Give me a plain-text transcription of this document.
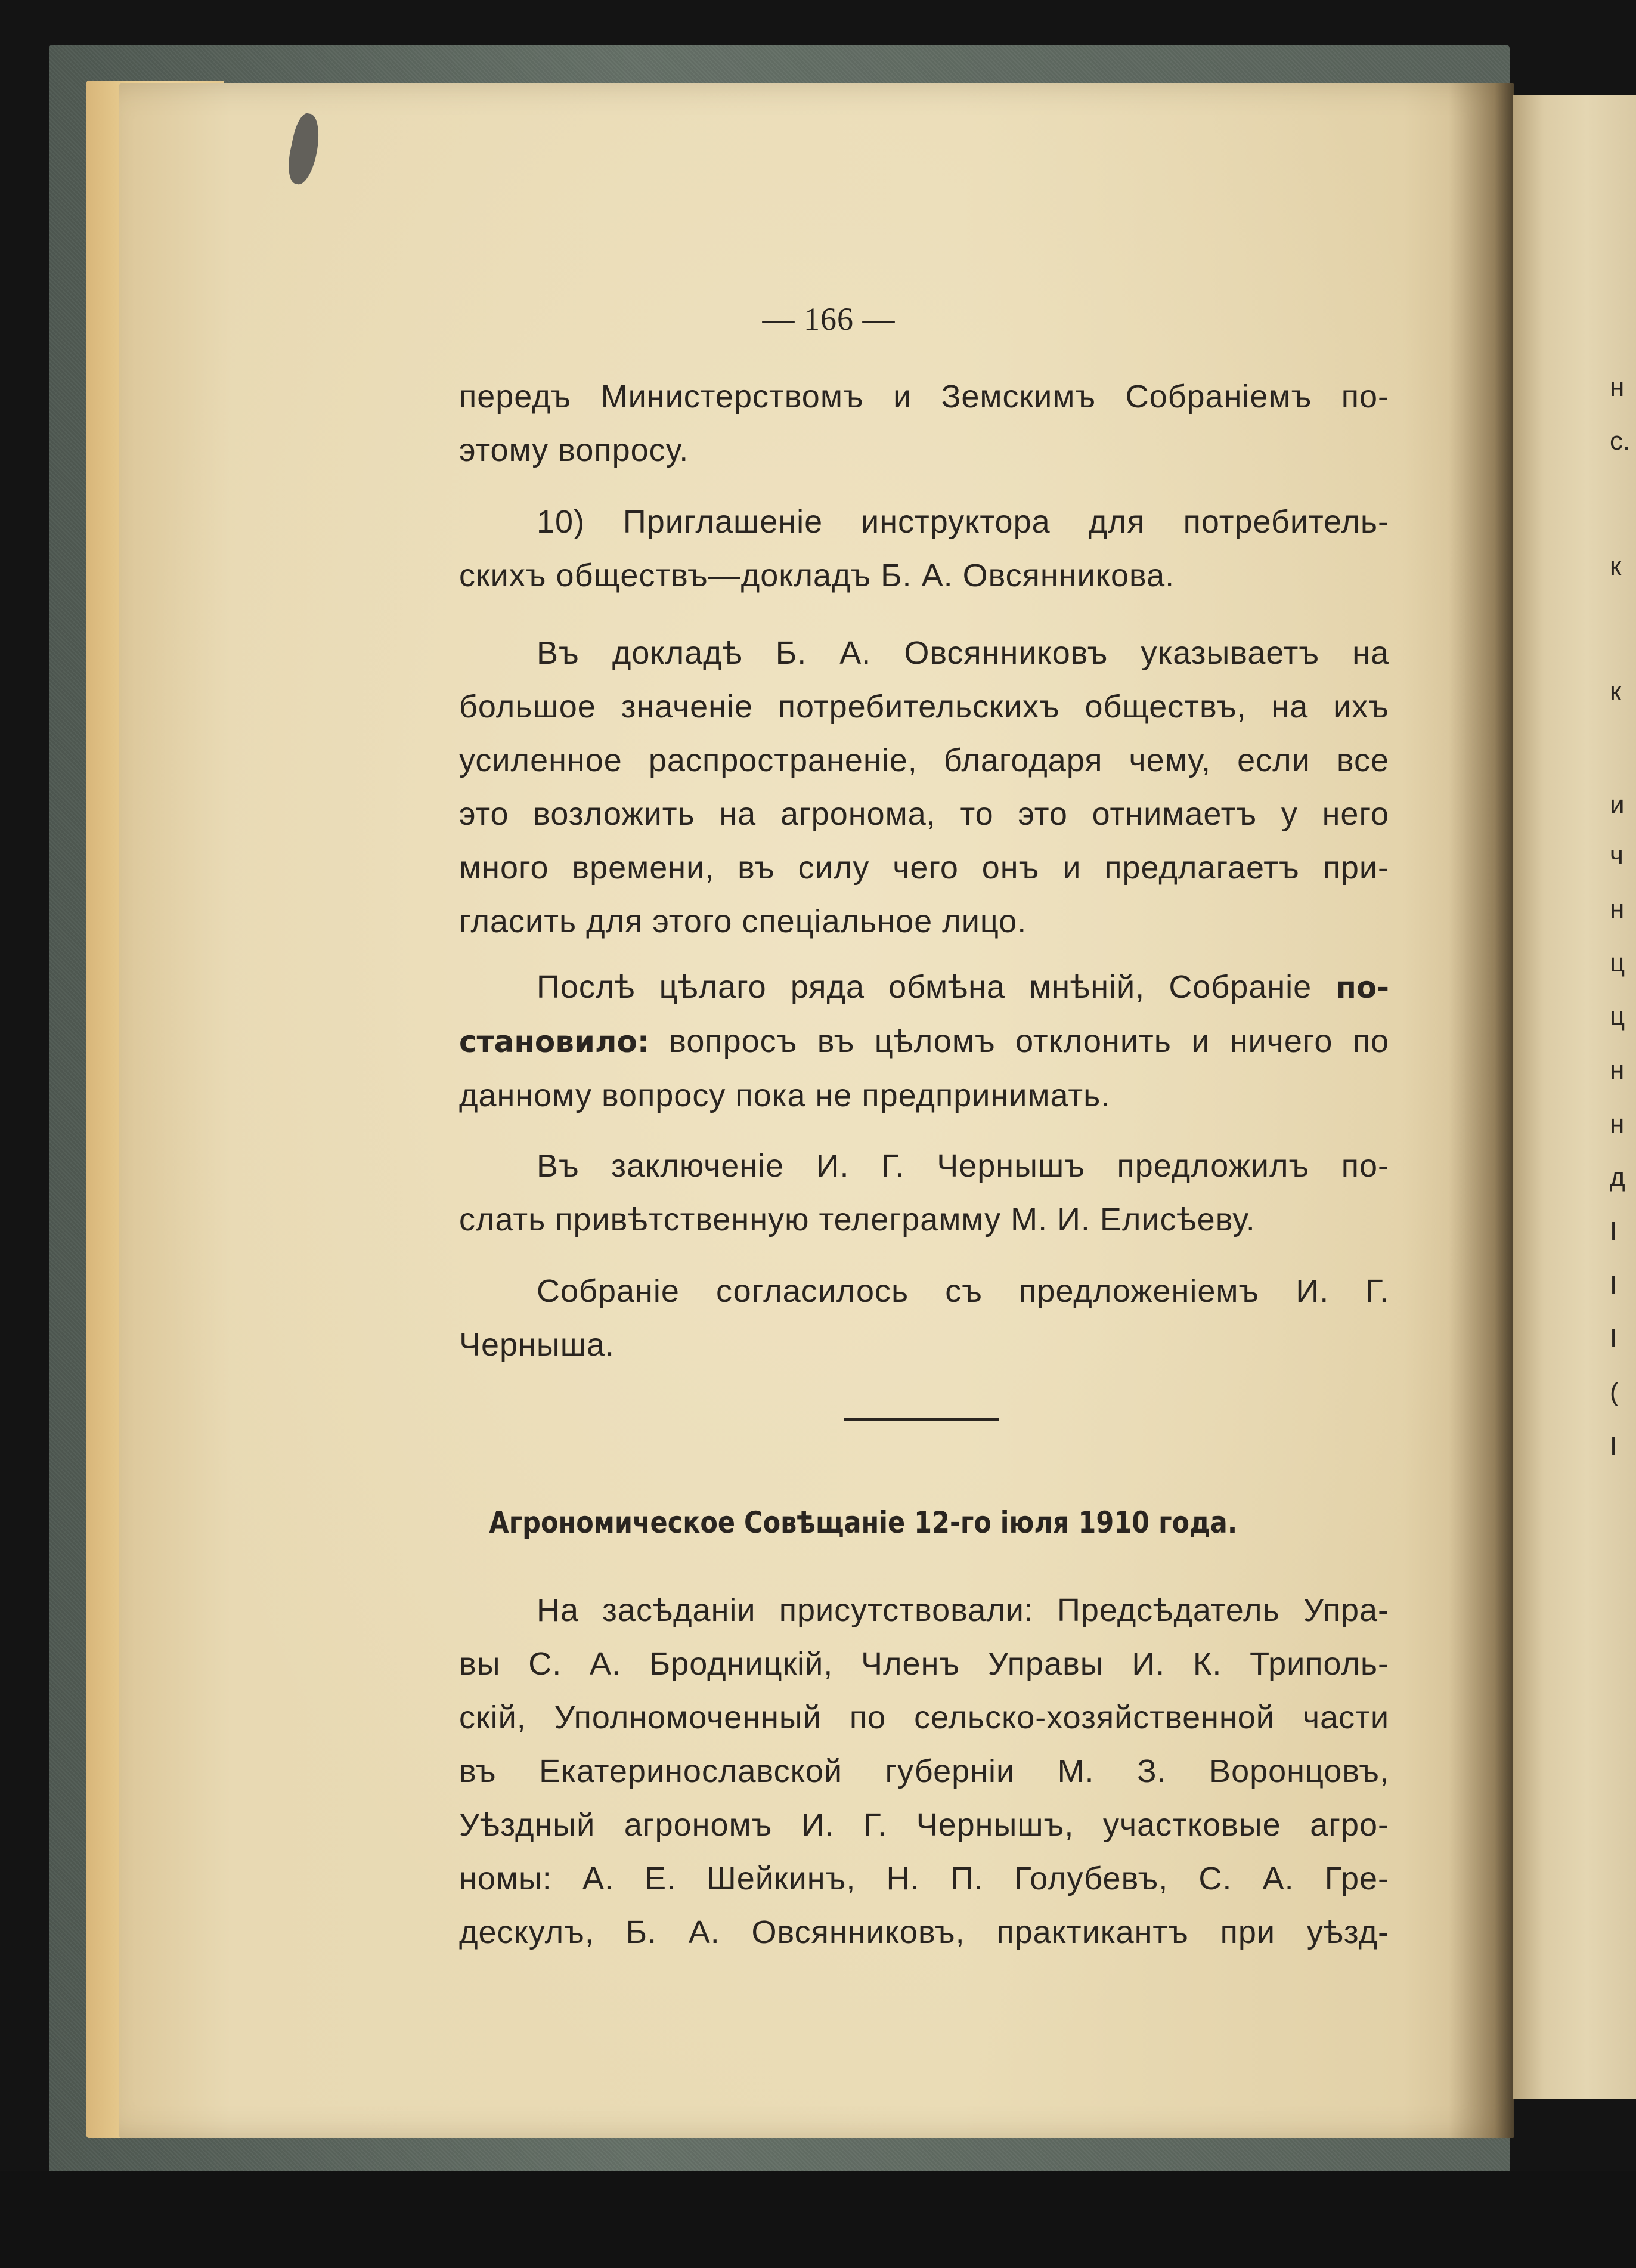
— 166 —
передъ Министерствомъ и Земскимъ Собраніемъ по-
этому вопросу.
10) Приглашеніе инструктора для потребитель-
скихъ обществъ—докладъ Б. А. Овсянникова.
Въ докладѣ Б. А. Овсянниковъ указываетъ на
большое значеніе потребительскихъ обществъ, на ихъ
усиленное распространеніе, благодаря чему, если все
это возложить на агронома, то это отнимаетъ у него
много времени, въ силу чего онъ и предлагаетъ при-
гласить для этого спеціальное лицо.
Послѣ цѣлаго ряда обмѣна мнѣній, Собраніе по-
становило: вопросъ въ цѣломъ отклонить и ничего по
данному вопросу пока не предпринимать.
Въ заключеніе И. Г. Чернышъ предложилъ по-
слать привѣтственную телеграмму М. И. Елисѣеву.
Собраніе согласилось съ предложеніемъ И. Г.
Черныша.
Агрономическое Совѣщаніе 12-го іюля 1910 года.
На засѣданіи присутствовали: Предсѣдатель Упра-
вы С. А. Бродницкій, Членъ Управы И. К. Триполь-
скій, Уполномоченный по сельско-хозяйственной части
въ Екатеринославской губерніи М. З. Воронцовъ,
Уѣздный агрономъ И. Г. Чернышъ, участковые агро-
номы: А. Е. Шейкинъ, Н. П. Голубевъ, С. А. Гре-
дескулъ, Б. А. Овсянниковъ, практикантъ при уѣзд-
н
с.
к
к
и
ч
н
ц
ц
н
н
д
I
I
I
(
I
